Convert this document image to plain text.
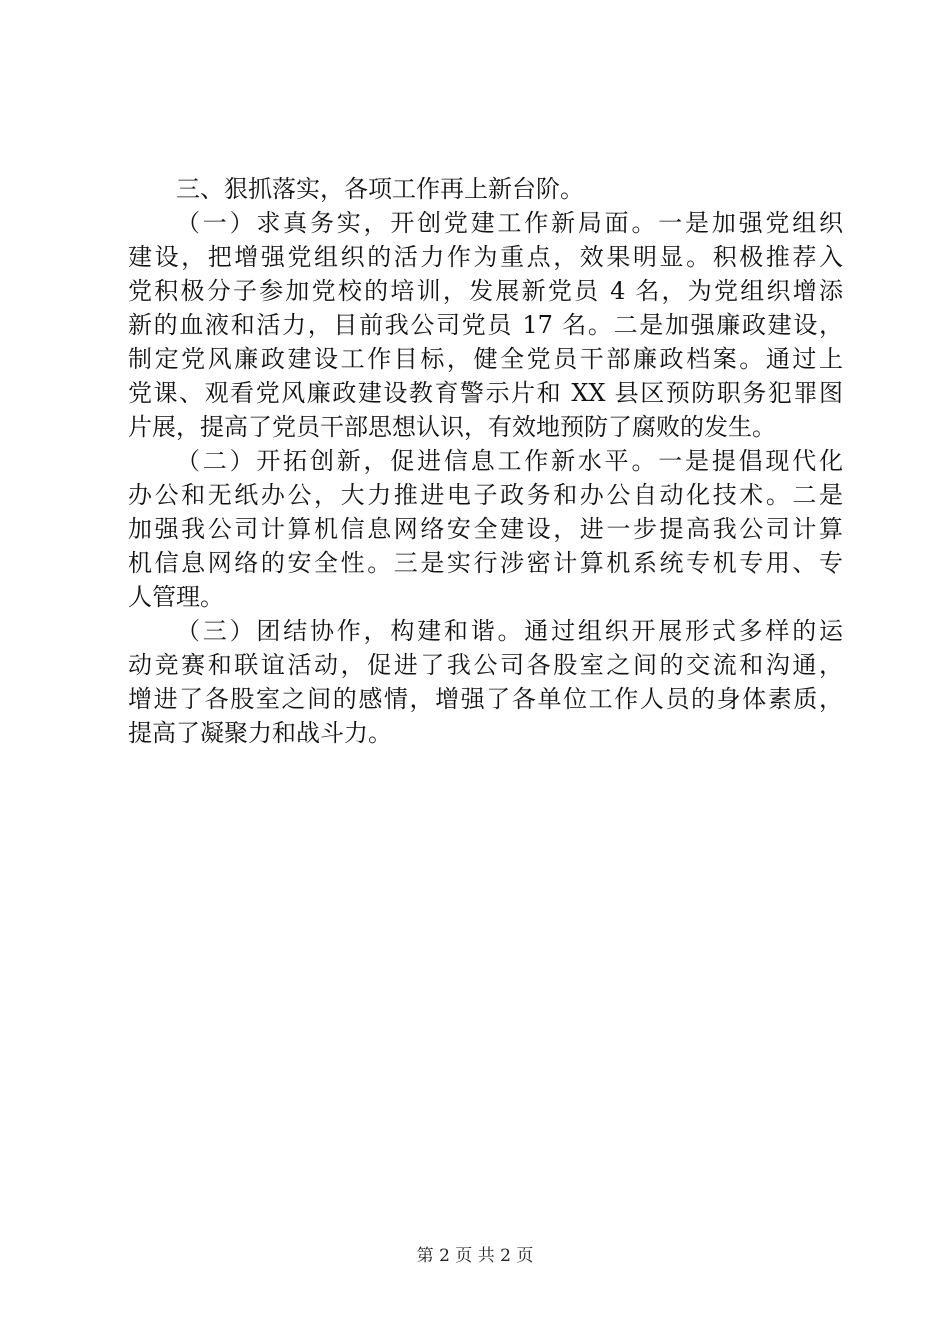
三、狠抓落实，各项工作再上新台阶。
（一）求真务实，开创党建工作新局面。一是加强党组织
建设，把增强党组织的活力作为重点，效果明显。积极推荐入
党积极分子参加党校的培训，发展新党员 4 名，为党组织增添
新的血液和活力，目前我公司党员 17 名。二是加强廉政建设，
制定党风廉政建设工作目标，健全党员干部廉政档案。通过上
党课、观看党风廉政建设教育警示片和 XX 县区预防职务犯罪图
片展，提高了党员干部思想认识，有效地预防了腐败的发生。
（二）开拓创新，促进信息工作新水平。一是提倡现代化
办公和无纸办公，大力推进电子政务和办公自动化技术。二是
加强我公司计算机信息网络安全建设，进一步提高我公司计算
机信息网络的安全性。三是实行涉密计算机系统专机专用、专
人管理。
（三）团结协作，构建和谐。通过组织开展形式多样的运
动竞赛和联谊活动，促进了我公司各股室之间的交流和沟通，
增进了各股室之间的感情，增强了各单位工作人员的身体素质，
提高了凝聚力和战斗力。
第 2 页 共 2 页
